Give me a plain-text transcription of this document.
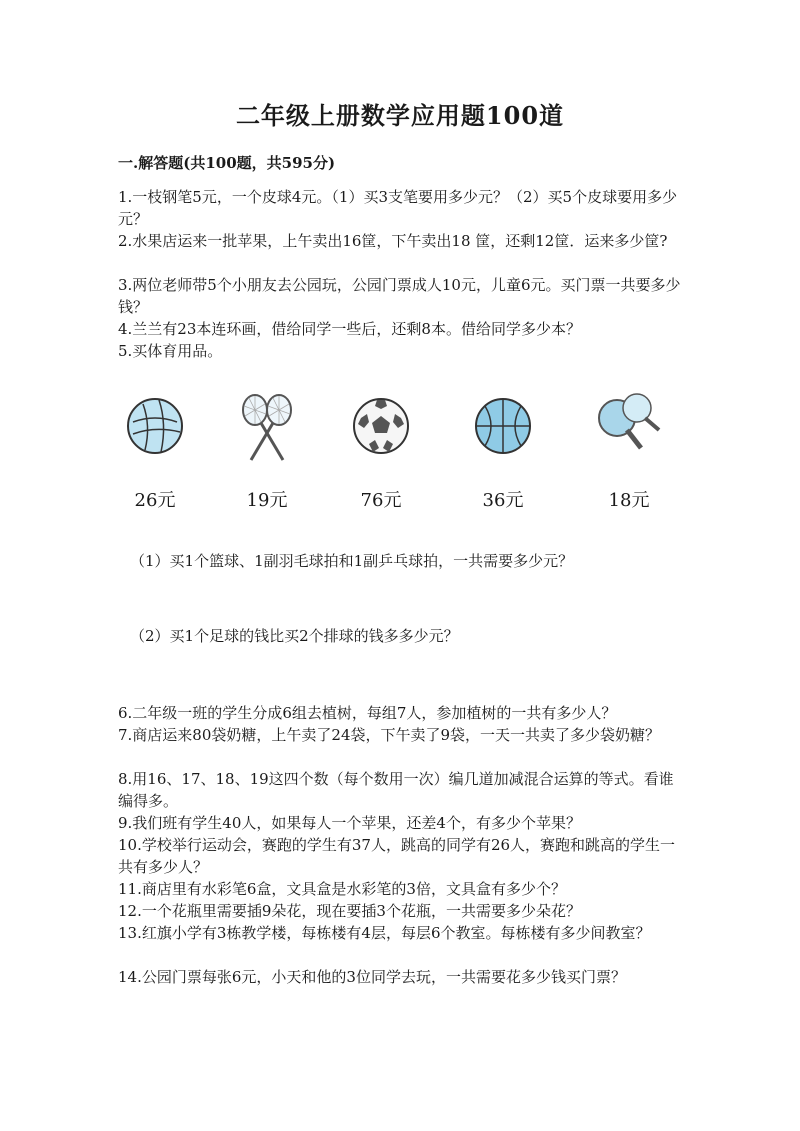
二年级上册数学应用题100道
一.解答题(共100题，共595分)
1.一枝钢笔5元，一个皮球4元。（1）买3支笔要用多少元？（2）买5个皮球要用多少元？
2.水果店运来一批苹果，上午卖出16筐，下午卖出18 筐，还剩12筐．运来多少筐?
3.两位老师带5个小朋友去公园玩，公园门票成人10元，儿童6元。买门票一共要多少钱？
4.兰兰有23本连环画，借给同学一些后，还剩8本。借给同学多少本？
5.买体育用品。
26元	19元	76元	36元	18元
（1）买1个篮球、1副羽毛球拍和1副乒乓球拍，一共需要多少元？
（2）买1个足球的钱比买2个排球的钱多多少元？
6.二年级一班的学生分成6组去植树，每组7人，参加植树的一共有多少人？
7.商店运来80袋奶糖，上午卖了24袋，下午卖了9袋，一天一共卖了多少袋奶糖？
8.用16、17、18、19这四个数（每个数用一次）编几道加减混合运算的等式。看谁编得多。
9.我们班有学生40人，如果每人一个苹果，还差4个，有多少个苹果？
10.学校举行运动会，赛跑的学生有37人，跳高的同学有26人，赛跑和跳高的学生一共有多少人？
11.商店里有水彩笔6盒，文具盒是水彩笔的3倍，文具盒有多少个？
12.一个花瓶里需要插9朵花，现在要插3个花瓶，一共需要多少朵花？
13.红旗小学有3栋教学楼，每栋楼有4层，每层6个教室。每栋楼有多少间教室？
14.公园门票每张6元，小天和他的3位同学去玩，一共需要花多少钱买门票？
